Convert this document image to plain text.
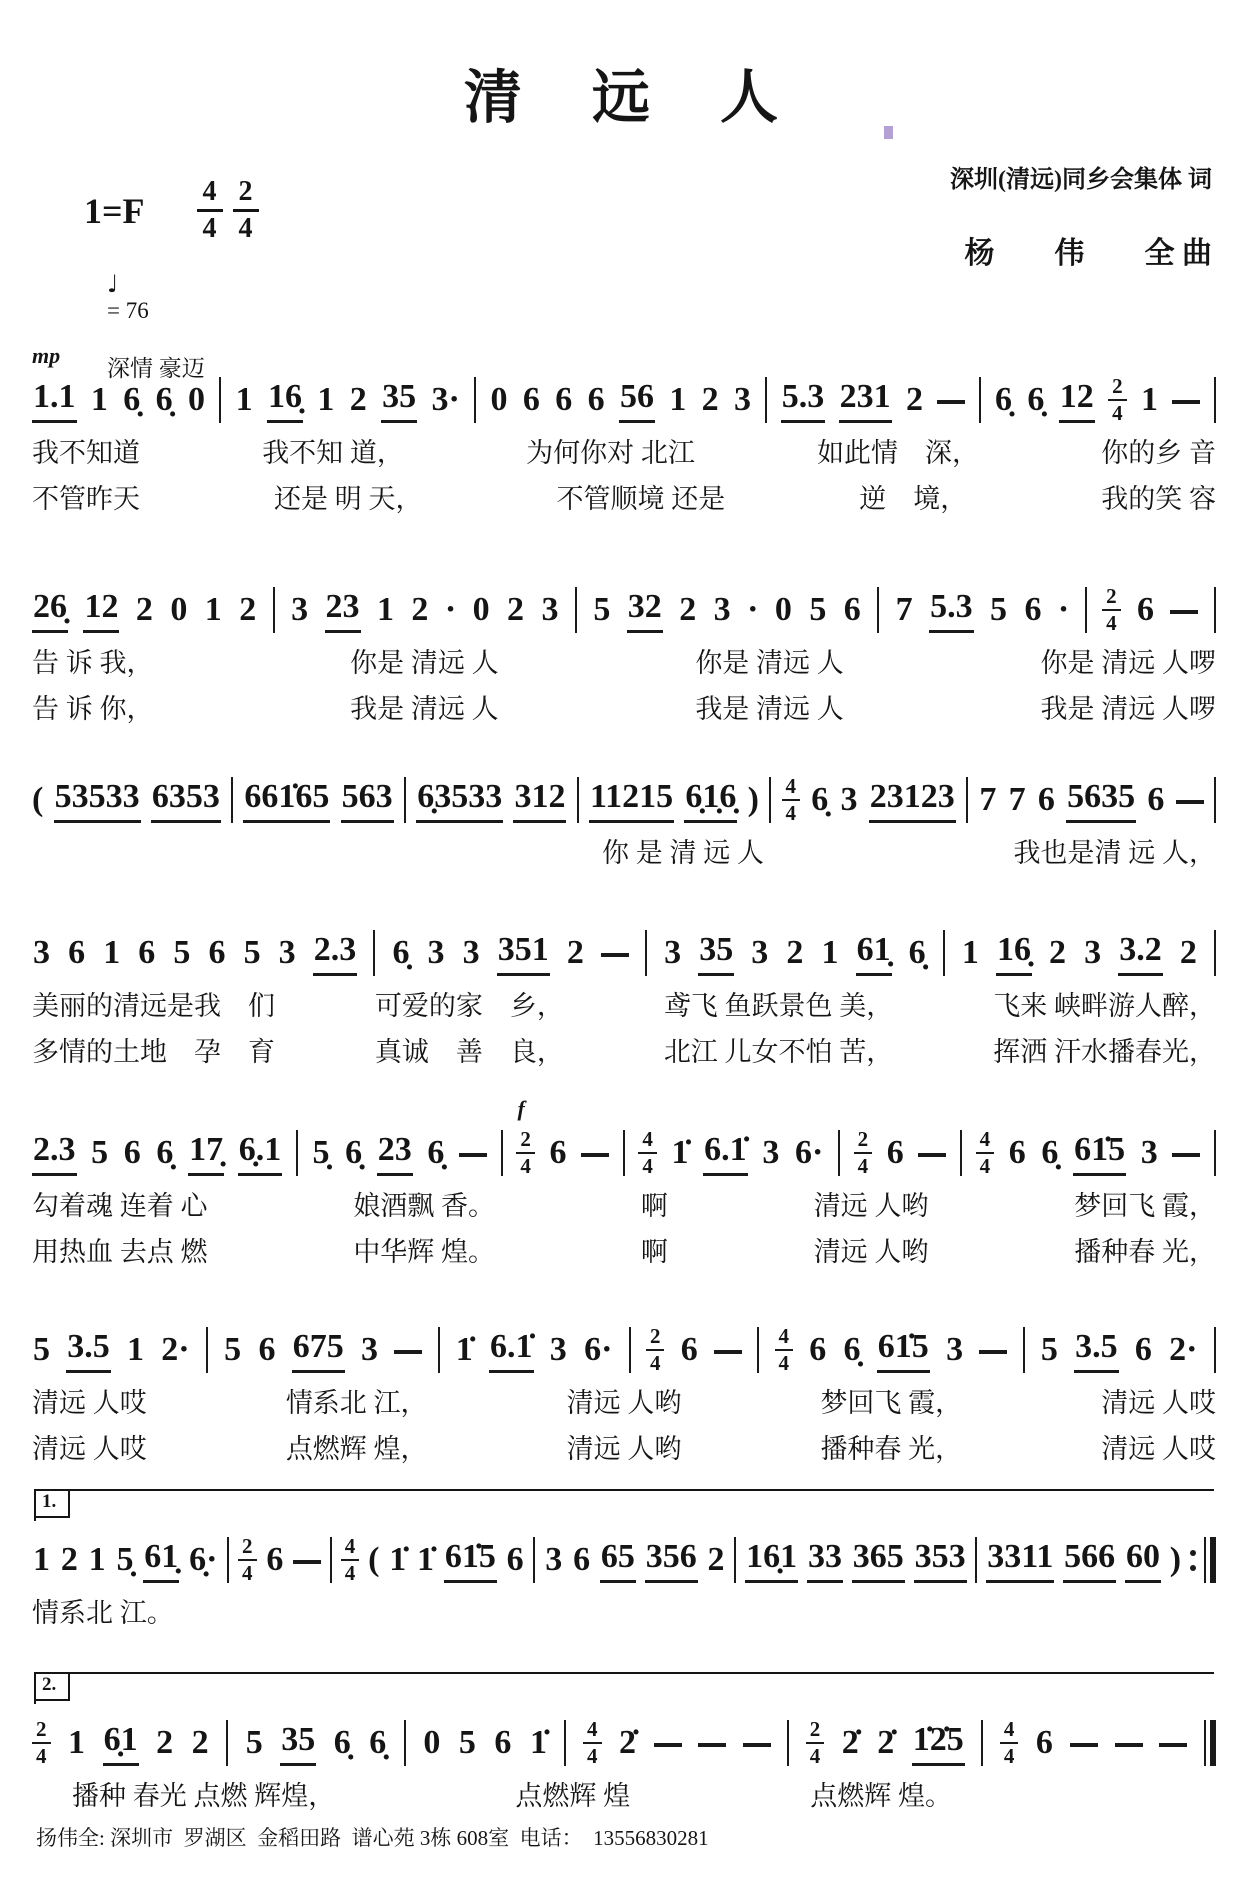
清　远　人

深圳(清远)同乡会集体 词

杨　　伟　　全 曲

$1=F \frac{4}{4} \frac{2}{4}$

♩
= 76

深情 豪迈

mp
1.1 1 6̣ 6̣ 0 1 16̣ 1 2 35 3· 0 6 6 6 56 1 2 3 5.3 231 2 6̣ 6̣ $12 \frac{2}{4} 1$
我不知道	我不知 道，	为何你对 北江	如此情　深，	你的乡 音
不管昨天	还是 明 天，	不管顺境 还是	逆　境，	我的笑 容
26̣ 12 2 0 1 2 3 23 1 2 · 0 2 3 5 32 2 3 · 0 5 6 7 5.3 5 $6 \cdot \frac{2}{4} 6$
告 诉 我，	你是 清远 人	你是 清远 人	你是 清远 人啰
告 诉 你，	我是 清远 人	我是 清远 人	我是 清远 人啰
( 53533 6353 661̇65 563 6̣3533 312 11215 6̣1̣6̣ ) $\frac{4}{4}$ 6̣ 3 23123 7 7 6 5635 6
你 是 清 远 人	我也是清 远 人，
3 6 1 6 5 6 5 3 2.3 6̣ 3 3 351 2 3 35 3 2 1 61̣ 6̣ 1 16̣ 2 3 3.2 2
美丽的清远是我　们	可爱的家　乡，	鸢飞 鱼跃景色 美，	飞来 峡畔游人醉，
多情的土地　孕　育	真诚　善　良，	北江 儿女不怕 苦，	挥洒 汗水播春光，
f
2.3 5 6 6̣ 17̣ 6̣.1 5̣ 6̣ 23 6̣	$\frac{2}{4} 6$	$\frac{4}{4}$ 1̇ 6.1̇ 3 $6\cdot \frac{2}{4} 6$	$\frac{4}{4} 6$ 6̣ 61̇5 3
勾着魂 连着 心	娘酒飘 香。	啊	清远 人哟	梦回飞 霞，
用热血 去点 燃	中华辉 煌。	啊	清远 人哟	播种春 光，
5 3.5 1 2· 5 6 675 3 1̇ 6.1̇ 3 $6\cdot \frac{2}{4} 6$	$\frac{4}{4} 6$ 6̣ 61̇5 3 5 3.5 6 2·
清远 人哎	情系北 江，	清远 人哟	梦回飞 霞，	清远 人哎
清远 人哎	点燃辉 煌，	清远 人哟	播种春 光，	清远 人哎
1.
1 2 1 5̣ 61̣ 6̣· $\frac{2}{4} 6$	$\frac{4}{4}$ ( 1̇ 1̇ 61̇5 6 3 6 65 356 2 16̣1 33 365 353 3311 566 60 )
情系北 江。
2.
$\frac{2}{4} 1$ 6̣1 2 2 5 35 6̣ 6̣ 0 5 6 1̇ $\frac{4}{4}$ 2̇	$\frac{2}{4}$ 2̇ 2̇ 1̇2̇5 $\frac{4}{4} 6$
播种 春光 点燃 辉煌，	点燃辉 煌	点燃辉 煌。
扬伟全: 深圳市  罗湖区  金稻田路  谱心苑 3栋 608室  电话：  13556830281
